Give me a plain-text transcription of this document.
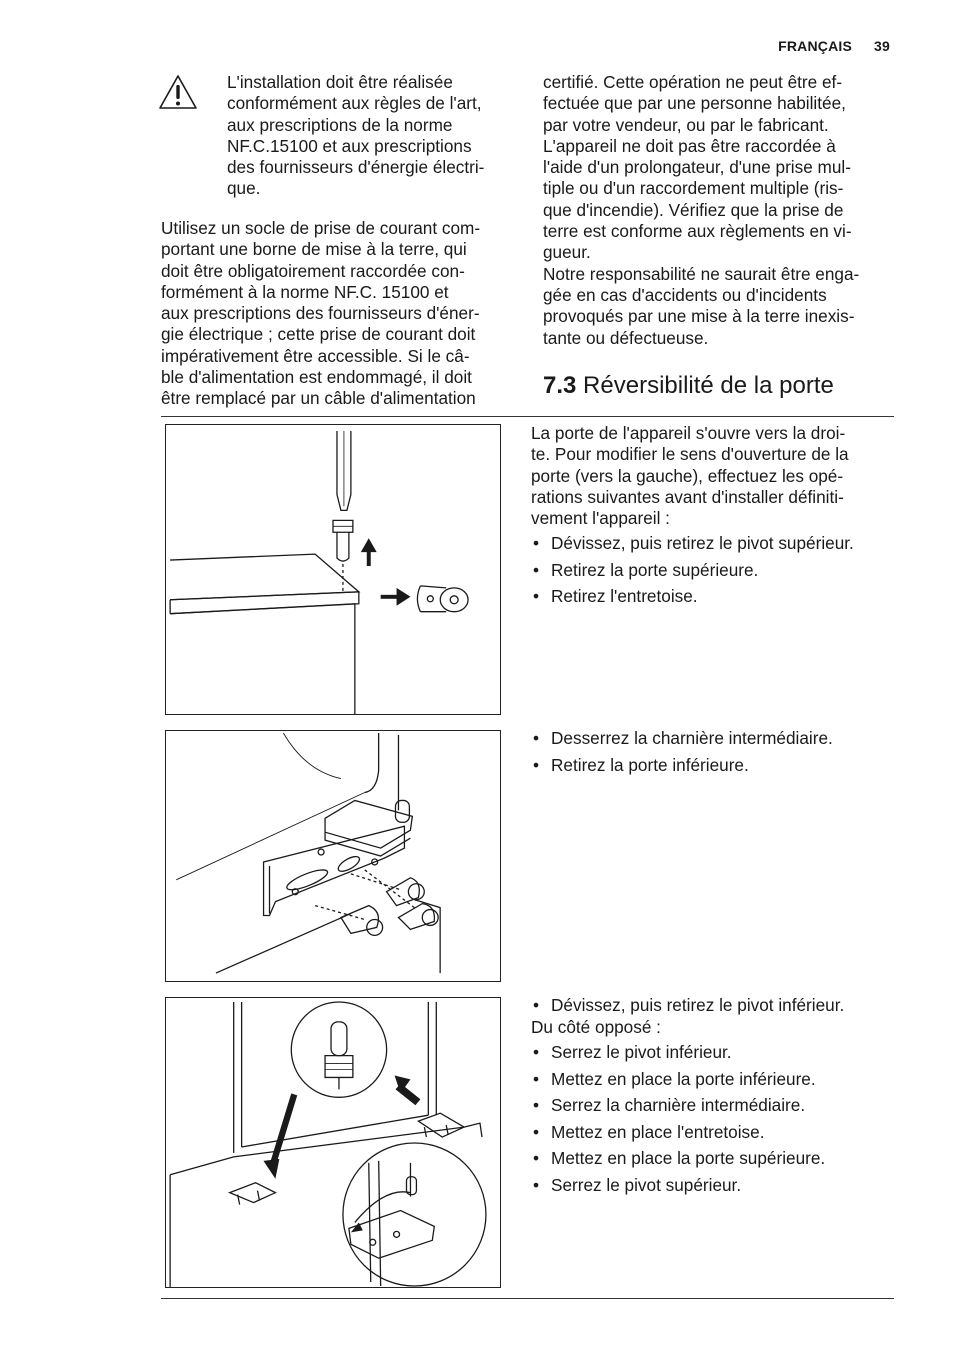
FRANÇAIS 39

L'installation doit être réalisée

conformément aux règles de l'art,

aux prescriptions de la norme

NF.C.15100 et aux prescriptions

des fournisseurs d'énergie électri-

que.

Utilisez un socle de prise de courant com-

portant une borne de mise à la terre, qui

doit être obligatoirement raccordée con-

formément à la norme NF.C. 15100 et

aux prescriptions des fournisseurs d'éner-

gie électrique ; cette prise de courant doit

impérativement être accessible. Si le câ-

ble d'alimentation est endommagé, il doit

être remplacé par un câble d'alimentation

certifié. Cette opération ne peut être ef-

fectuée que par une personne habilitée,

par votre vendeur, ou par le fabricant.

L'appareil ne doit pas être raccordée à

l'aide d'un prolongateur, d'une prise mul-

tiple ou d'un raccordement multiple (ris-

que d'incendie). Vérifiez que la prise de

terre est conforme aux règlements en vi-

gueur.

Notre responsabilité ne saurait être enga-

gée en cas d'accidents ou d'incidents

provoqués par une mise à la terre inexis-

tante ou défectueuse.

7.3 Réversibilité de la porte

La porte de l'appareil s'ouvre vers la droi-

te. Pour modifier le sens d'ouverture de la

porte (vers la gauche), effectuez les opé-

rations suivantes avant d'installer définiti-

vement l'appareil :

• Dévissez, puis retirez le pivot supérieur.
• Retirez la porte supérieure.
• Retirez l'entretoise.
• Desserrez la charnière intermédiaire.
• Retirez la porte inférieure.
• Dévissez, puis retirez le pivot inférieur.
Du côté opposé :
• Serrez le pivot inférieur.
• Mettez en place la porte inférieure.
• Serrez la charnière intermédiaire.
• Mettez en place l'entretoise.
• Mettez en place la porte supérieure.
• Serrez le pivot supérieur.
